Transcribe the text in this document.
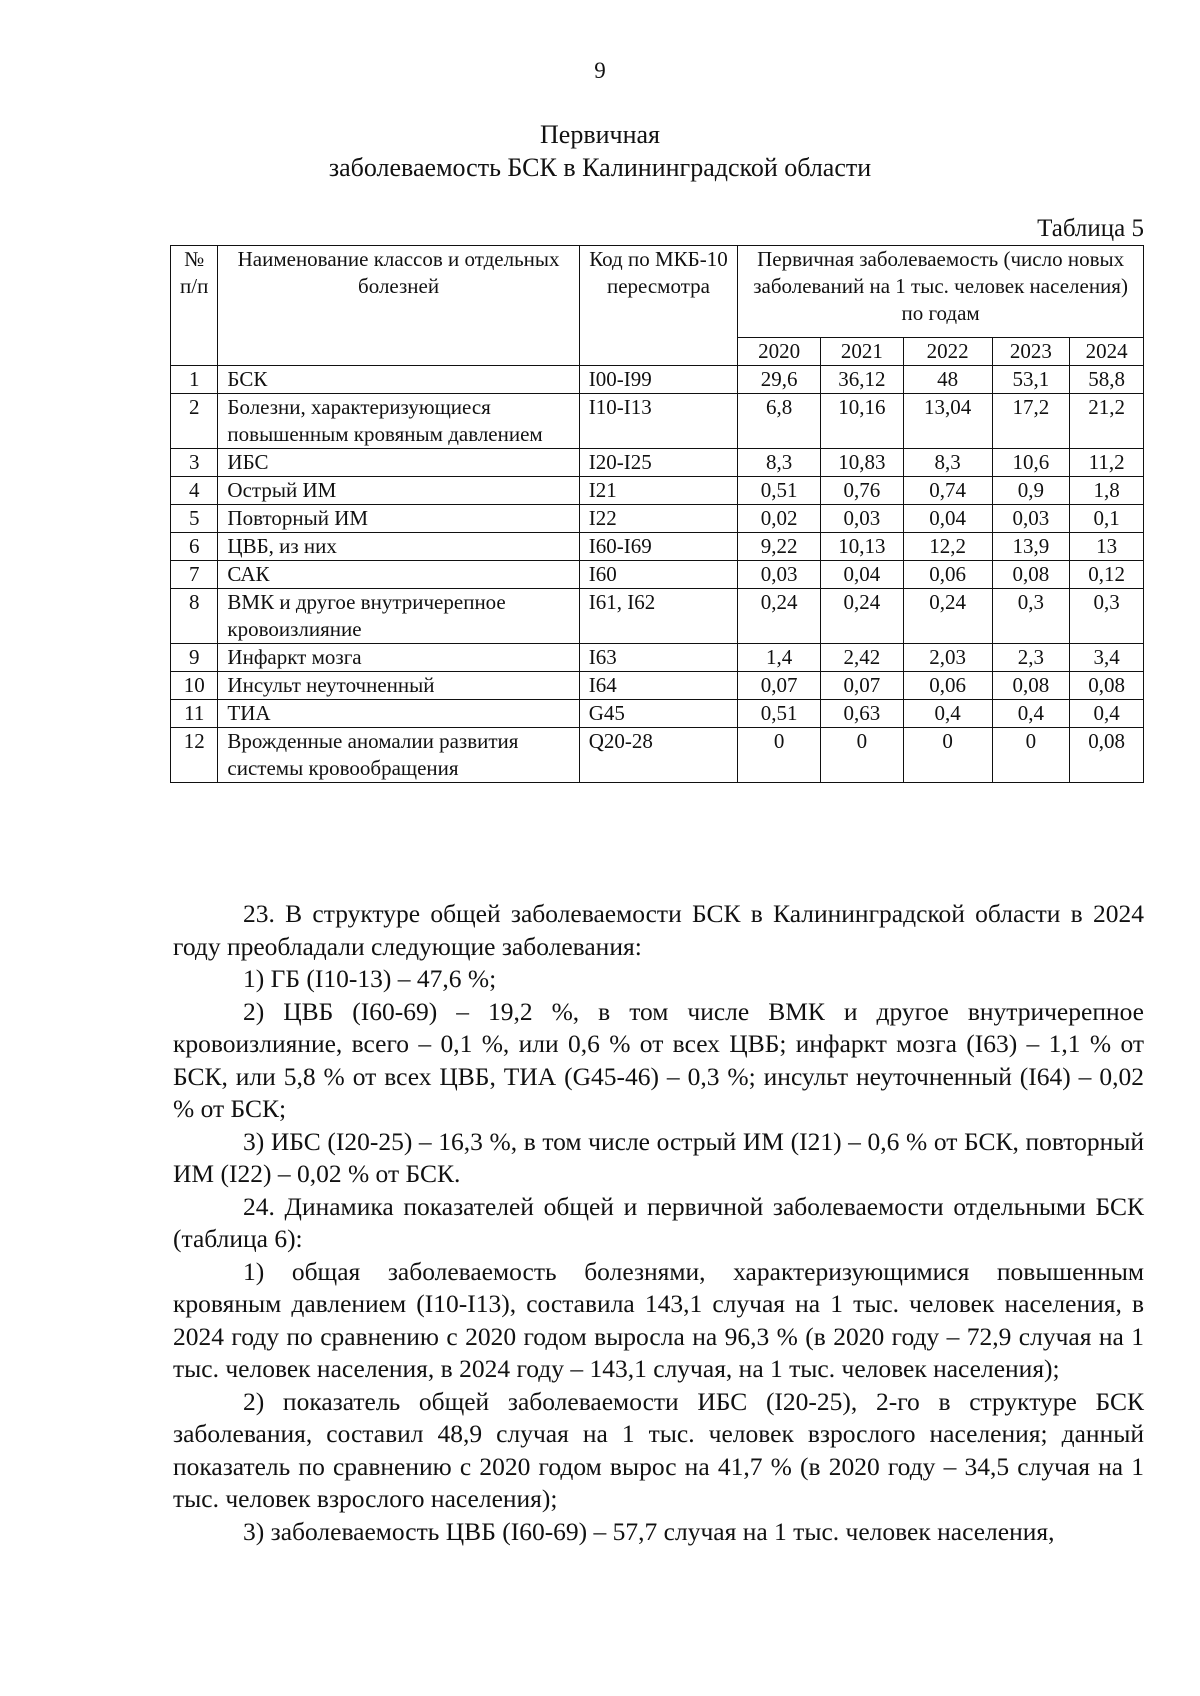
9
Первичная
заболеваемость БСК в Калининградской области
Таблица 5
№ п/п	Наименование классов и отдельных болезней	Код по МКБ-10 пересмотра	Первичная заболеваемость (число новых заболеваний на 1 тыс. человек населения) по годам				
			2020	2021	2022	2023	2024
1	БСК	I00-I99	29,6	36,12	48	53,1	58,8
2	Болезни, характеризующиеся повышенным кровяным давлением	I10-I13	6,8	10,16	13,04	17,2	21,2
3	ИБС	I20-I25	8,3	10,83	8,3	10,6	11,2
4	Острый ИМ	I21	0,51	0,76	0,74	0,9	1,8
5	Повторный ИМ	I22	0,02	0,03	0,04	0,03	0,1
6	ЦВБ, из них	I60-I69	9,22	10,13	12,2	13,9	13
7	САК	I60	0,03	0,04	0,06	0,08	0,12
8	ВМК и другое внутричерепное кровоизлияние	I61, I62	0,24	0,24	0,24	0,3	0,3
9	Инфаркт мозга	I63	1,4	2,42	2,03	2,3	3,4
10	Инсульт неуточненный	I64	0,07	0,07	0,06	0,08	0,08
11	ТИА	G45	0,51	0,63	0,4	0,4	0,4
12	Врожденные аномалии развития системы кровообращения	Q20-28	0	0	0	0	0,08

23. В структуре общей заболеваемости БСК в Калининградской области в 2024 году преобладали следующие заболевания:

1) ГБ (I10-13) – 47,6 %;

2) ЦВБ (I60-69) – 19,2 %, в том числе ВМК и другое внутричерепное кровоизлияние, всего – 0,1 %, или 0,6 % от всех ЦВБ; инфаркт мозга (I63) – 1,1 % от БСК, или 5,8 % от всех ЦВБ, ТИА (G45-46) – 0,3 %; инсульт неуточненный (I64) – 0,02 % от БСК;

3) ИБС (I20-25) – 16,3 %, в том числе острый ИМ (I21) – 0,6 % от БСК, повторный ИМ (I22) – 0,02 % от БСК.

24. Динамика показателей общей и первичной заболеваемости отдельными БСК (таблица 6):

1) общая заболеваемость болезнями, характеризующимися повышенным кровяным давлением (I10-I13), составила 143,1 случая на 1 тыс. человек населения, в 2024 году по сравнению с 2020 годом выросла на 96,3 % (в 2020 году – 72,9 случая на 1 тыс. человек населения, в 2024 году – 143,1 случая, на 1 тыс. человек населения);

2) показатель общей заболеваемости ИБС (I20-25), 2-го в структуре БСК заболевания, составил 48,9 случая на 1 тыс. человек взрослого населения; данный показатель по сравнению с 2020 годом вырос на 41,7 % (в 2020 году – 34,5 случая на 1 тыс. человек взрослого населения);

3) заболеваемость ЦВБ (I60-69) – 57,7 случая на 1 тыс. человек населения,
